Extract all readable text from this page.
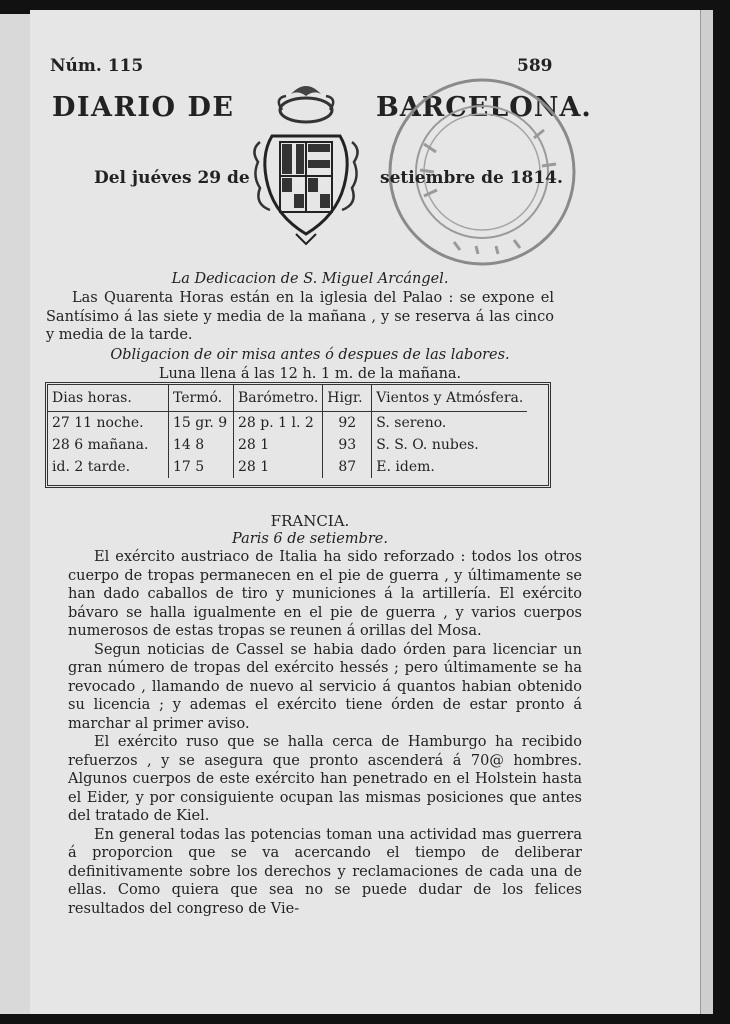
Núm. 115	589
DIARIO DE	BARCELONA.
Del juéves 29 de	setiembre de 1814.
La Dedicacion de S. Miguel Arcángel.

Las Quarenta Horas están en la iglesia del Palao : se expone el Santísimo á las siete y media de la mañana , y se reserva á las cinco y media de la tarde.

Obligacion de oir misa antes ó despues de las labores.
Luna llena á las 12 h. 1 m. de la mañana.
Dias horas.	Termó.	Barómetro.	Higr.	Vientos y Atmósfera.
27 11 noche.	15 gr. 9	28 p. 1 l. 2	92	S. sereno.
28 6 mañana.	14 8	28 1	93	S. S. O. nubes.
id. 2 tarde.	17 5	28 1	87	E. idem.
FRANCIA.
Paris 6 de setiembre.

El exército austriaco de Italia ha sido reforzado : todos los otros cuerpo de tropas permanecen en el pie de guerra , y últimamente se han dado caballos de tiro y municiones á la artillería. El exército bávaro se halla igualmente en el pie de guerra , y varios cuerpos numerosos de estas tropas se reunen á orillas del Mosa.

Segun noticias de Cassel se habia dado órden para licenciar un gran número de tropas del exército hessés ; pero últimamente se ha revocado , llamando de nuevo al servicio á quantos habian obtenido su licencia ; y ademas el exército tiene órden de estar pronto á marchar al primer aviso.

El exército ruso que se halla cerca de Hamburgo ha recibido refuerzos , y se asegura que pronto ascenderá á 70@ hombres. Algunos cuerpos de este exército han penetrado en el Holstein hasta el Eider, y por consiguiente ocupan las mismas posiciones que antes del tratado de Kiel.

En general todas las potencias toman una actividad mas guerrera á proporcion que se va acercando el tiempo de deliberar definitivamente sobre los derechos y reclamaciones de cada una de ellas. Como quiera que sea no se puede dudar de los felices resultados del congreso de Vie-
